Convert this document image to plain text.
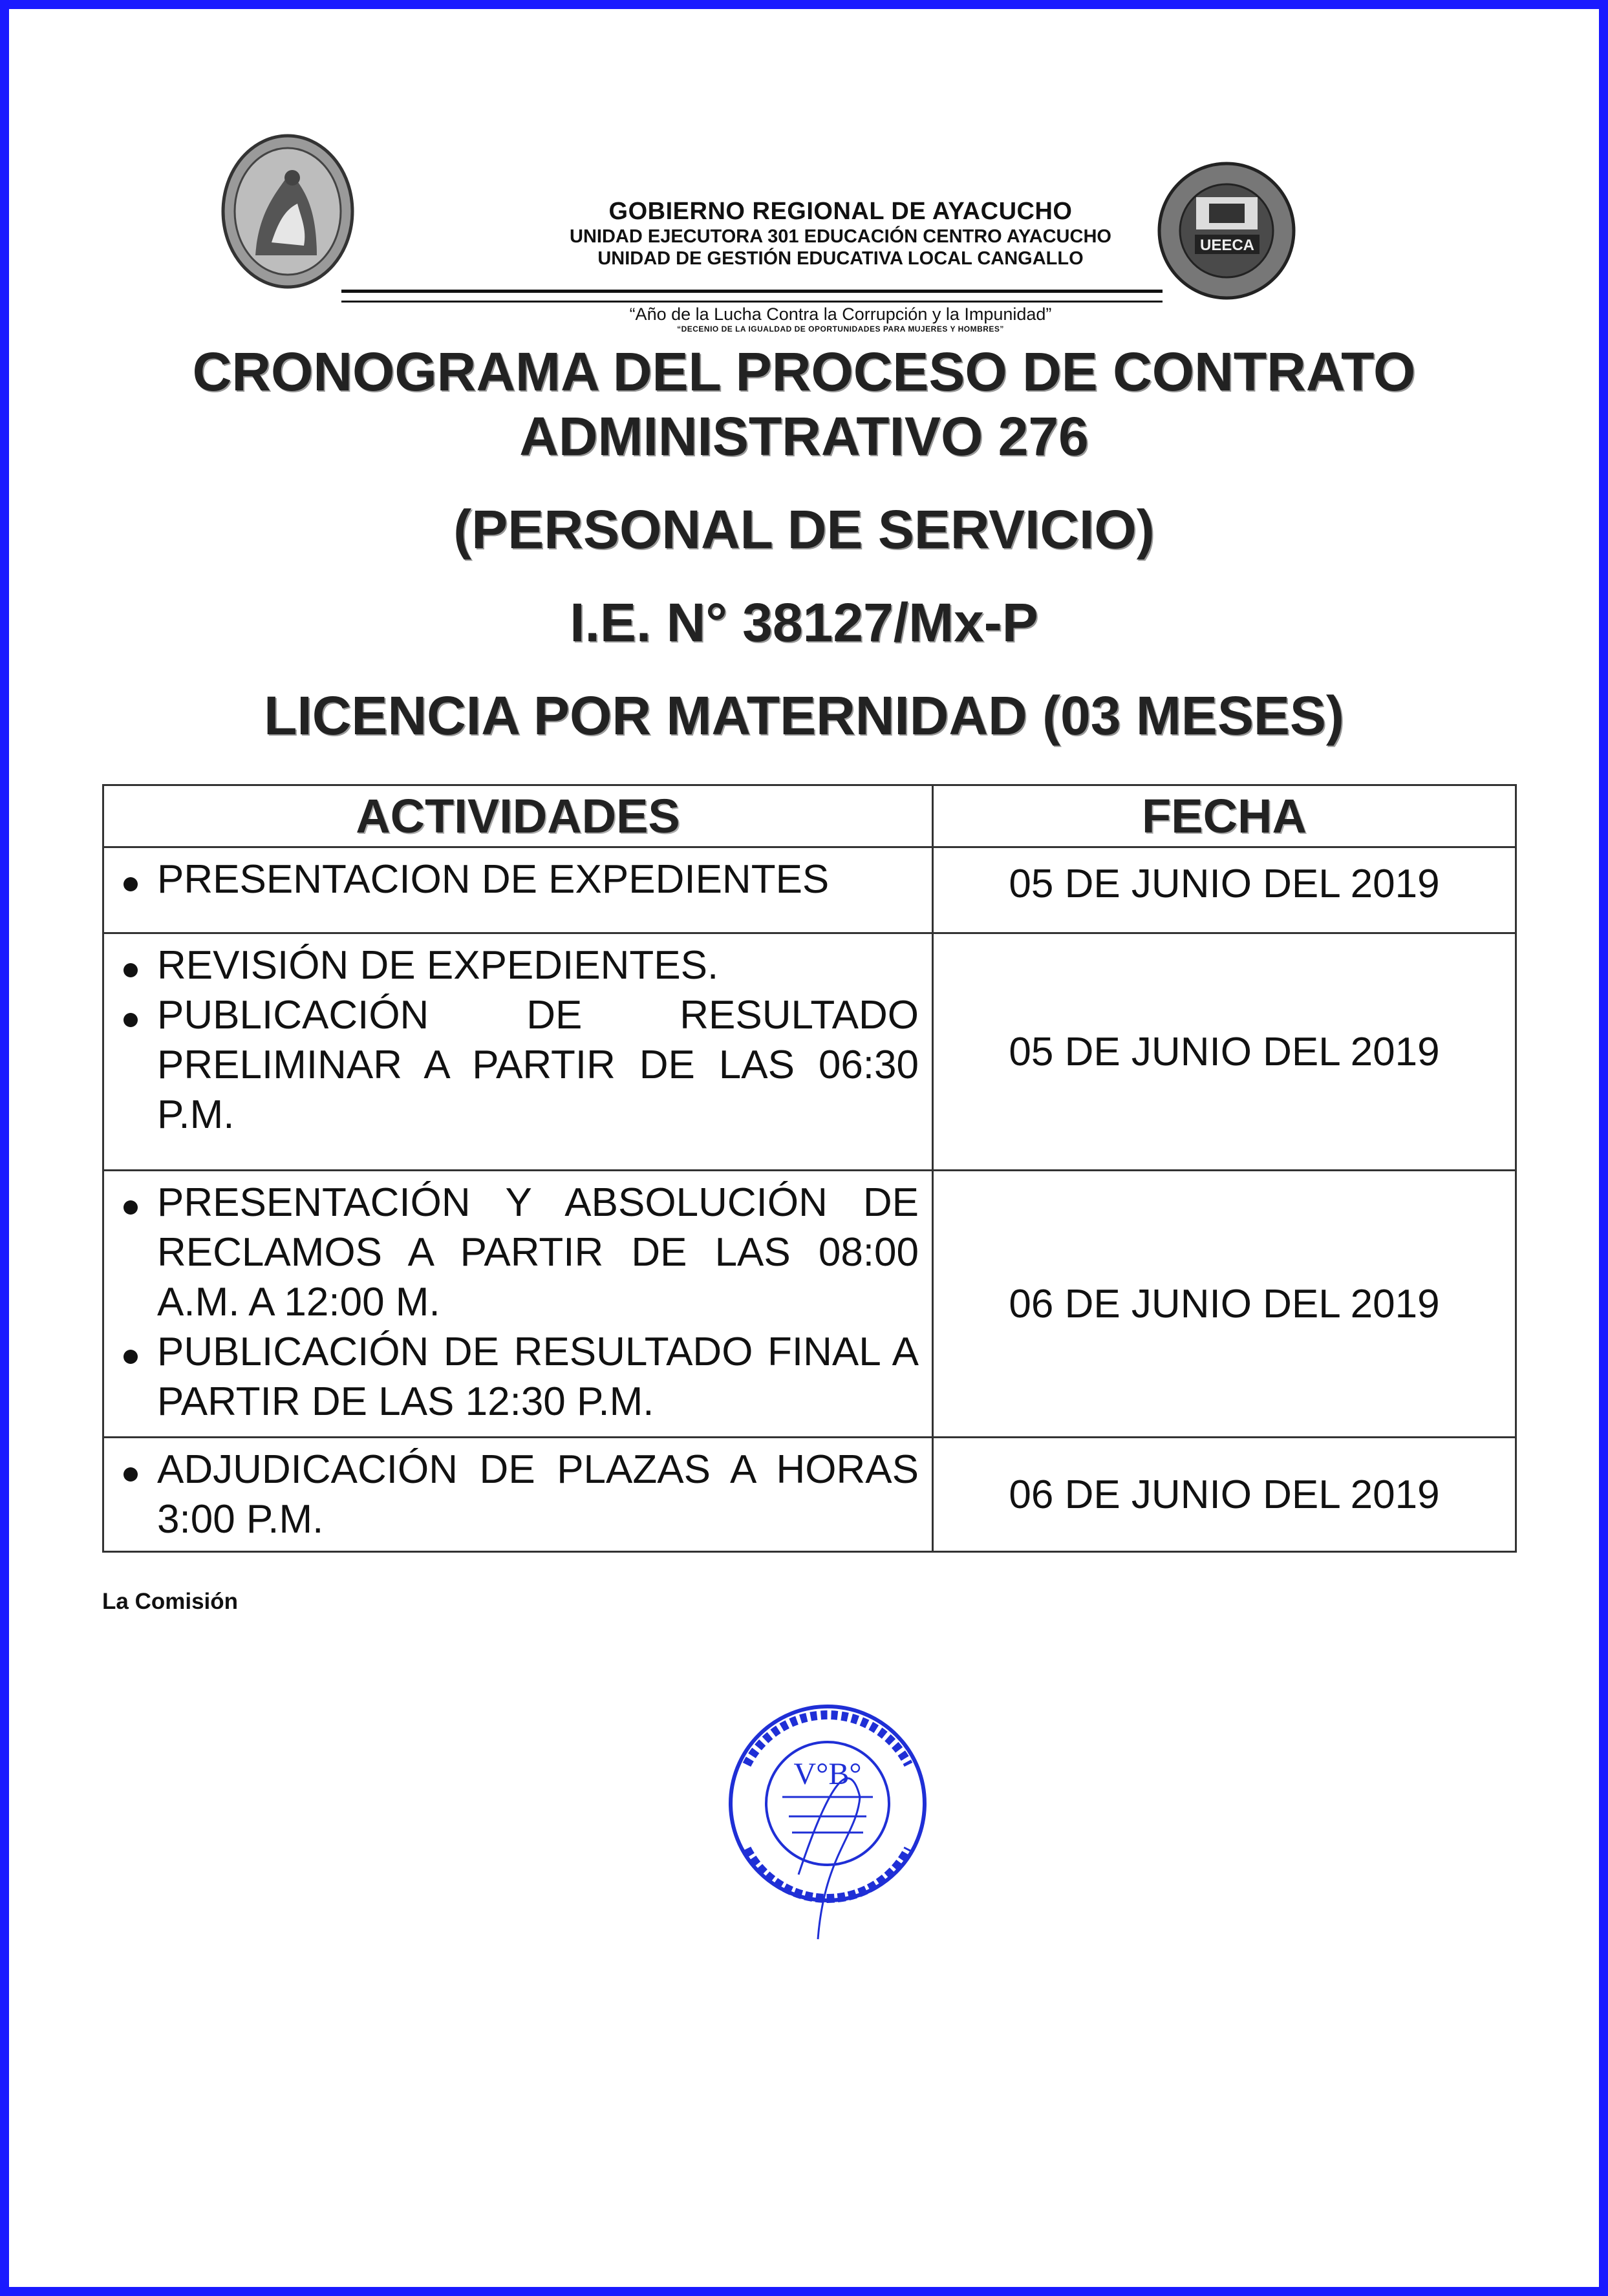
UEECA
GOBIERNO REGIONAL DE AYACUCHO
UNIDAD EJECUTORA 301 EDUCACIÓN CENTRO AYACUCHO
UNIDAD DE GESTIÓN EDUCATIVA LOCAL CANGALLO
“Año de la Lucha Contra la Corrupción y la Impunidad”
“DECENIO DE LA IGUALDAD DE OPORTUNIDADES PARA MUJERES Y HOMBRES”
CRONOGRAMA DEL PROCESO DE CONTRATO
ADMINISTRATIVO 276
(PERSONAL DE SERVICIO)
I.E. N° 38127/Mx-P
LICENCIA POR MATERNIDAD (03 MESES)
ACTIVIDADES	FECHA

PRESENTACION DE EXPEDIENTES	05 DE JUNIO DEL 2019

REVISIÓN DE EXPEDIENTES.
PUBLICACIÓN DE RESULTADO PRELIMINAR A PARTIR DE LAS 06:30 P.M.	05 DE JUNIO DEL 2019

PRESENTACIÓN Y ABSOLUCIÓN DE RECLAMOS A PARTIR DE LAS 08:00 A.M. A 12:00 M.
PUBLICACIÓN DE RESULTADO FINAL A PARTIR DE LAS 12:30 P.M.	06 DE JUNIO DEL 2019

ADJUDICACIÓN DE PLAZAS A HORAS 3:00 P.M.	06 DE JUNIO DEL 2019
La Comisión
V°B°
